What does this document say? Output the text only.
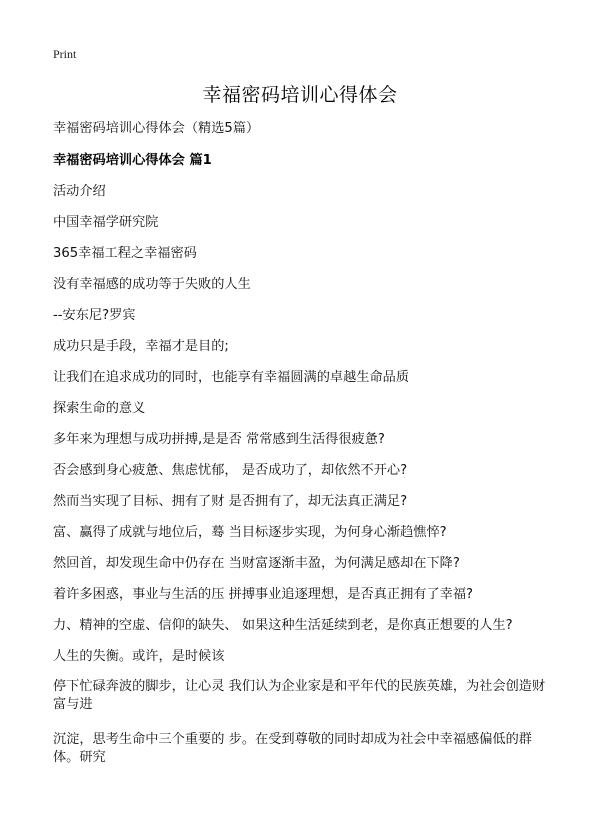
Print
幸福密码培训心得体会
幸福密码培训心得体会（精选5篇）
幸福密码培训心得体会 篇1
活动介绍
中国幸福学研究院
365幸福工程之幸福密码
没有幸福感的成功等于失败的人生
--安东尼?罗宾
成功只是手段，幸福才是目的;
让我们在追求成功的同时，也能享有幸福圆满的卓越生命品质
探索生命的意义
多年来为理想与成功拼搏,是是否 常常感到生活得很疲惫?
否会感到身心疲惫、焦虑忧郁， 是否成功了，却依然不开心?
然而当实现了目标、拥有了财 是否拥有了，却无法真正满足?
富、赢得了成就与地位后，蓦 当目标逐步实现，为何身心渐趋憔悴?
然回首，却发现生命中仍存在 当财富逐渐丰盈，为何满足感却在下降?
着许多困惑，事业与生活的压 拼搏事业追逐理想，是否真正拥有了幸福?
力、精神的空虚、信仰的缺失、 如果这种生活延续到老，是你真正想要的人生?
人生的失衡。或许，是时候该
停下忙碌奔波的脚步，让心灵 我们认为企业家是和平年代的民族英雄，为社会创造财富与进
沉淀，思考生命中三个重要的 步。在受到尊敬的同时却成为社会中幸福感偏低的群体。研究
